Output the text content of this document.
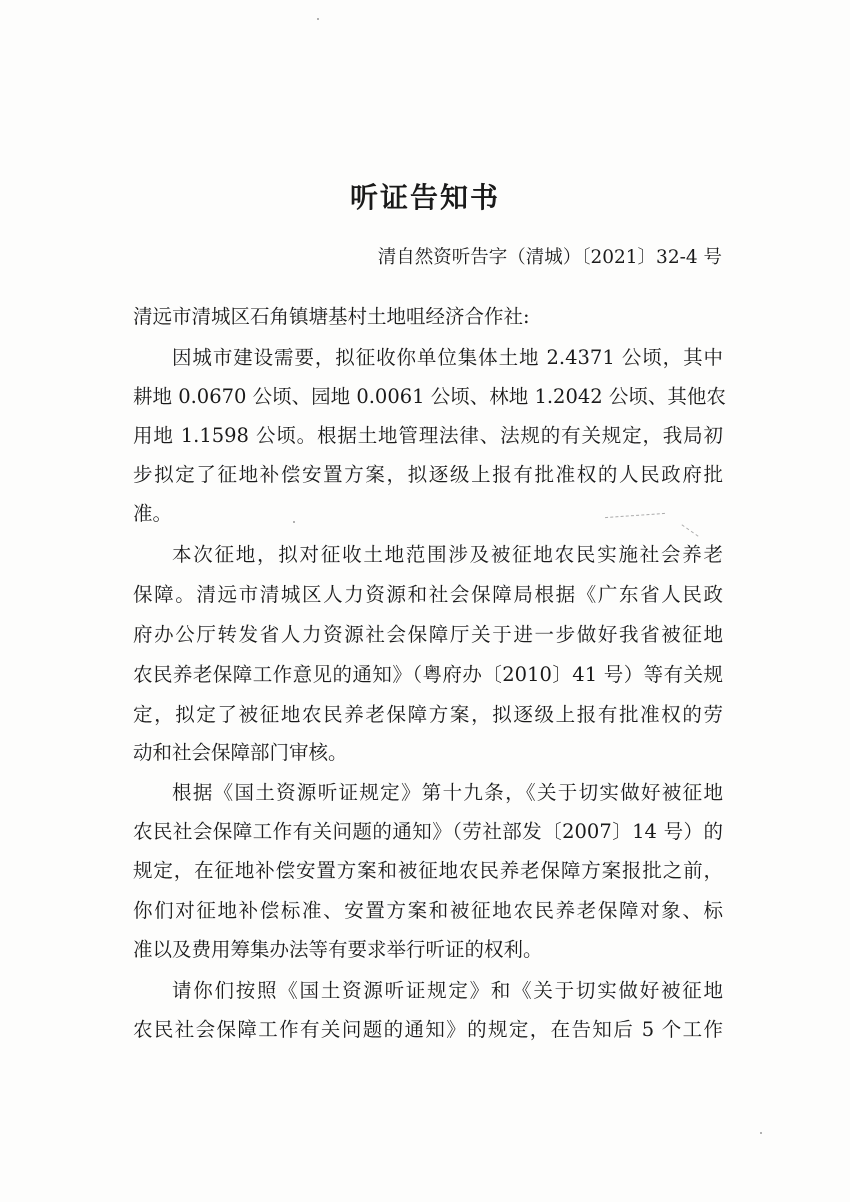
听证告知书
清自然资听告字（清城）〔2021〕32-4 号
清远市清城区石角镇塘基村土地咀经济合作社:
因城市建设需要，拟征收你单位集体土地 2.4371 公顷，其中
耕地 0.0670 公顷、园地 0.0061 公顷、林地 1.2042 公顷、其他农
用地 1.1598 公顷。根据土地管理法律、法规的有关规定，我局初
步拟定了征地补偿安置方案，拟逐级上报有批准权的人民政府批
准。
本次征地，拟对征收土地范围涉及被征地农民实施社会养老
保障。清远市清城区人力资源和社会保障局根据《广东省人民政
府办公厅转发省人力资源社会保障厅关于进一步做好我省被征地
农民养老保障工作意见的通知》（粤府办〔2010〕41 号）等有关规
定，拟定了被征地农民养老保障方案，拟逐级上报有批准权的劳
动和社会保障部门审核。
根据《国土资源听证规定》第十九条，《关于切实做好被征地
农民社会保障工作有关问题的通知》（劳社部发〔2007〕14 号）的
规定，在征地补偿安置方案和被征地农民养老保障方案报批之前，
你们对征地补偿标准、安置方案和被征地农民养老保障对象、标
准以及费用筹集办法等有要求举行听证的权利。
请你们按照《国土资源听证规定》和《关于切实做好被征地
农民社会保障工作有关问题的通知》的规定，在告知后 5 个工作
